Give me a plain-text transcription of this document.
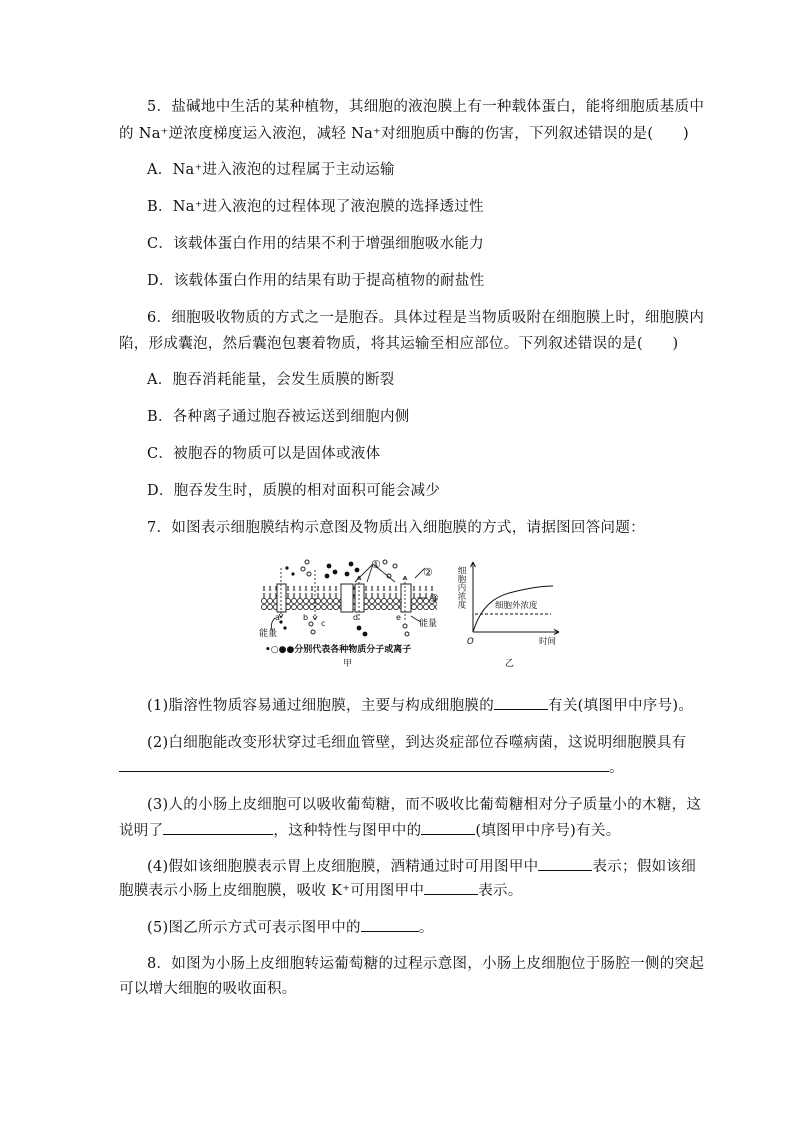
5．盐碱地中生活的某种植物，其细胞的液泡膜上有一种载体蛋白，能将细胞质基质中
的 Na⁺逆浓度梯度运入液泡，减轻 Na⁺对细胞质中酶的伤害，下列叙述错误的是(　　)
A．Na⁺进入液泡的过程属于主动运输
B．Na⁺进入液泡的过程体现了液泡膜的选择透过性
C．该载体蛋白作用的结果不利于增强细胞吸水能力
D．该载体蛋白作用的结果有助于提高植物的耐盐性
6．细胞吸收物质的方式之一是胞吞。具体过程是当物质吸附在细胞膜上时，细胞膜内
陷，形成囊泡，然后囊泡包裹着物质，将其运输至相应部位。下列叙述错误的是(　　)
A．胞吞消耗能量，会发生质膜的断裂
B．各种离子通过胞吞被运送到细胞内侧
C．被胞吞的物质可以是固体或液体
D．胞吞发生时，质膜的相对面积可能会减少
7．如图表示细胞膜结构示意图及物质出入细胞膜的方式，请据图回答问题：
a	b
c
d	e
①
②
③
能量
能量
•○●●分别代表各种物质分子或离子
甲
细胞内浓度	细胞外浓度
O	时间
乙
(1)脂溶性物质容易通过细胞膜，主要与构成细胞膜的	有关(填图甲中序号)。
(2)白细胞能改变形状穿过毛细血管壁，到达炎症部位吞噬病菌，这说明细胞膜具有
。
(3)人的小肠上皮细胞可以吸收葡萄糖，而不吸收比葡萄糖相对分子质量小的木糖，这
说明了	，这种特性与图甲中的	(填图甲中序号)有关。
(4)假如该细胞膜表示胃上皮细胞膜，酒精通过时可用图甲中	表示；假如该细
胞膜表示小肠上皮细胞膜，吸收 K⁺可用图甲中	表示。
(5)图乙所示方式可表示图甲中的	。
8．如图为小肠上皮细胞转运葡萄糖的过程示意图，小肠上皮细胞位于肠腔一侧的突起
可以增大细胞的吸收面积。
